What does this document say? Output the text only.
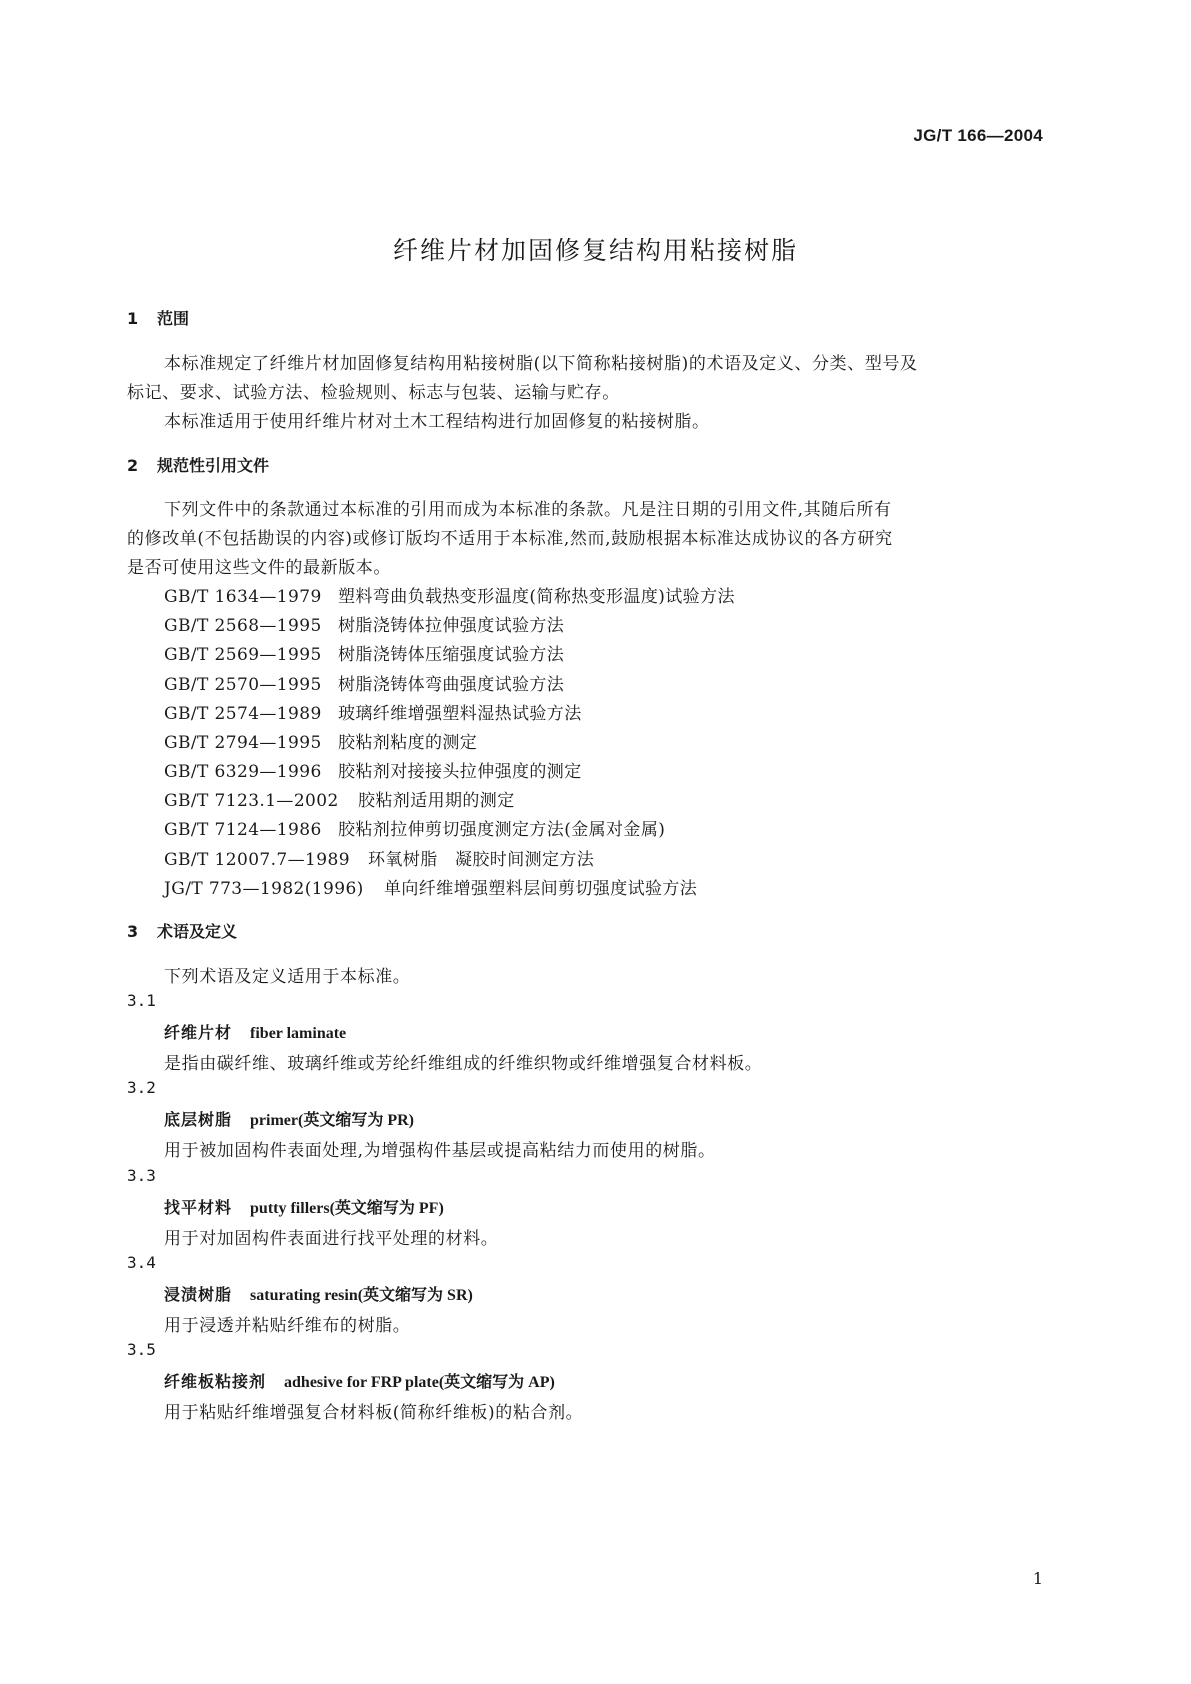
JG/T 166—2004
纤维片材加固修复结构用粘接树脂
1 范围
本标准规定了纤维片材加固修复结构用粘接树脂(以下简称粘接树脂)的术语及定义、分类、型号及
标记、要求、试验方法、检验规则、标志与包装、运输与贮存。
本标准适用于使用纤维片材对土木工程结构进行加固修复的粘接树脂。
2 规范性引用文件
下列文件中的条款通过本标准的引用而成为本标准的条款。凡是注日期的引用文件,其随后所有
的修改单(不包括勘误的内容)或修订版均不适用于本标准,然而,鼓励根据本标准达成协议的各方研究
是否可使用这些文件的最新版本。
GB/T 1634—1979 塑料弯曲负载热变形温度(简称热变形温度)试验方法
GB/T 2568—1995 树脂浇铸体拉伸强度试验方法
GB/T 2569—1995 树脂浇铸体压缩强度试验方法
GB/T 2570—1995 树脂浇铸体弯曲强度试验方法
GB/T 2574—1989 玻璃纤维增强塑料湿热试验方法
GB/T 2794—1995 胶粘剂粘度的测定
GB/T 6329—1996 胶粘剂对接接头拉伸强度的测定
GB/T 7123.1—2002 胶粘剂适用期的测定
GB/T 7124—1986 胶粘剂拉伸剪切强度测定方法(金属对金属)
GB/T 12007.7—1989 环氧树脂　凝胶时间测定方法
JG/T 773—1982(1996) 单向纤维增强塑料层间剪切强度试验方法
3 术语及定义
下列术语及定义适用于本标准。
3.1
纤维片材 fiber laminate
是指由碳纤维、玻璃纤维或芳纶纤维组成的纤维织物或纤维增强复合材料板。
3.2
底层树脂 primer(英文缩写为 PR)
用于被加固构件表面处理,为增强构件基层或提高粘结力而使用的树脂。
3.3
找平材料 putty fillers(英文缩写为 PF)
用于对加固构件表面进行找平处理的材料。
3.4
浸渍树脂 saturating resin(英文缩写为 SR)
用于浸透并粘贴纤维布的树脂。
3.5
纤维板粘接剂 adhesive for FRP plate(英文缩写为 AP)
用于粘贴纤维增强复合材料板(简称纤维板)的粘合剂。
1
